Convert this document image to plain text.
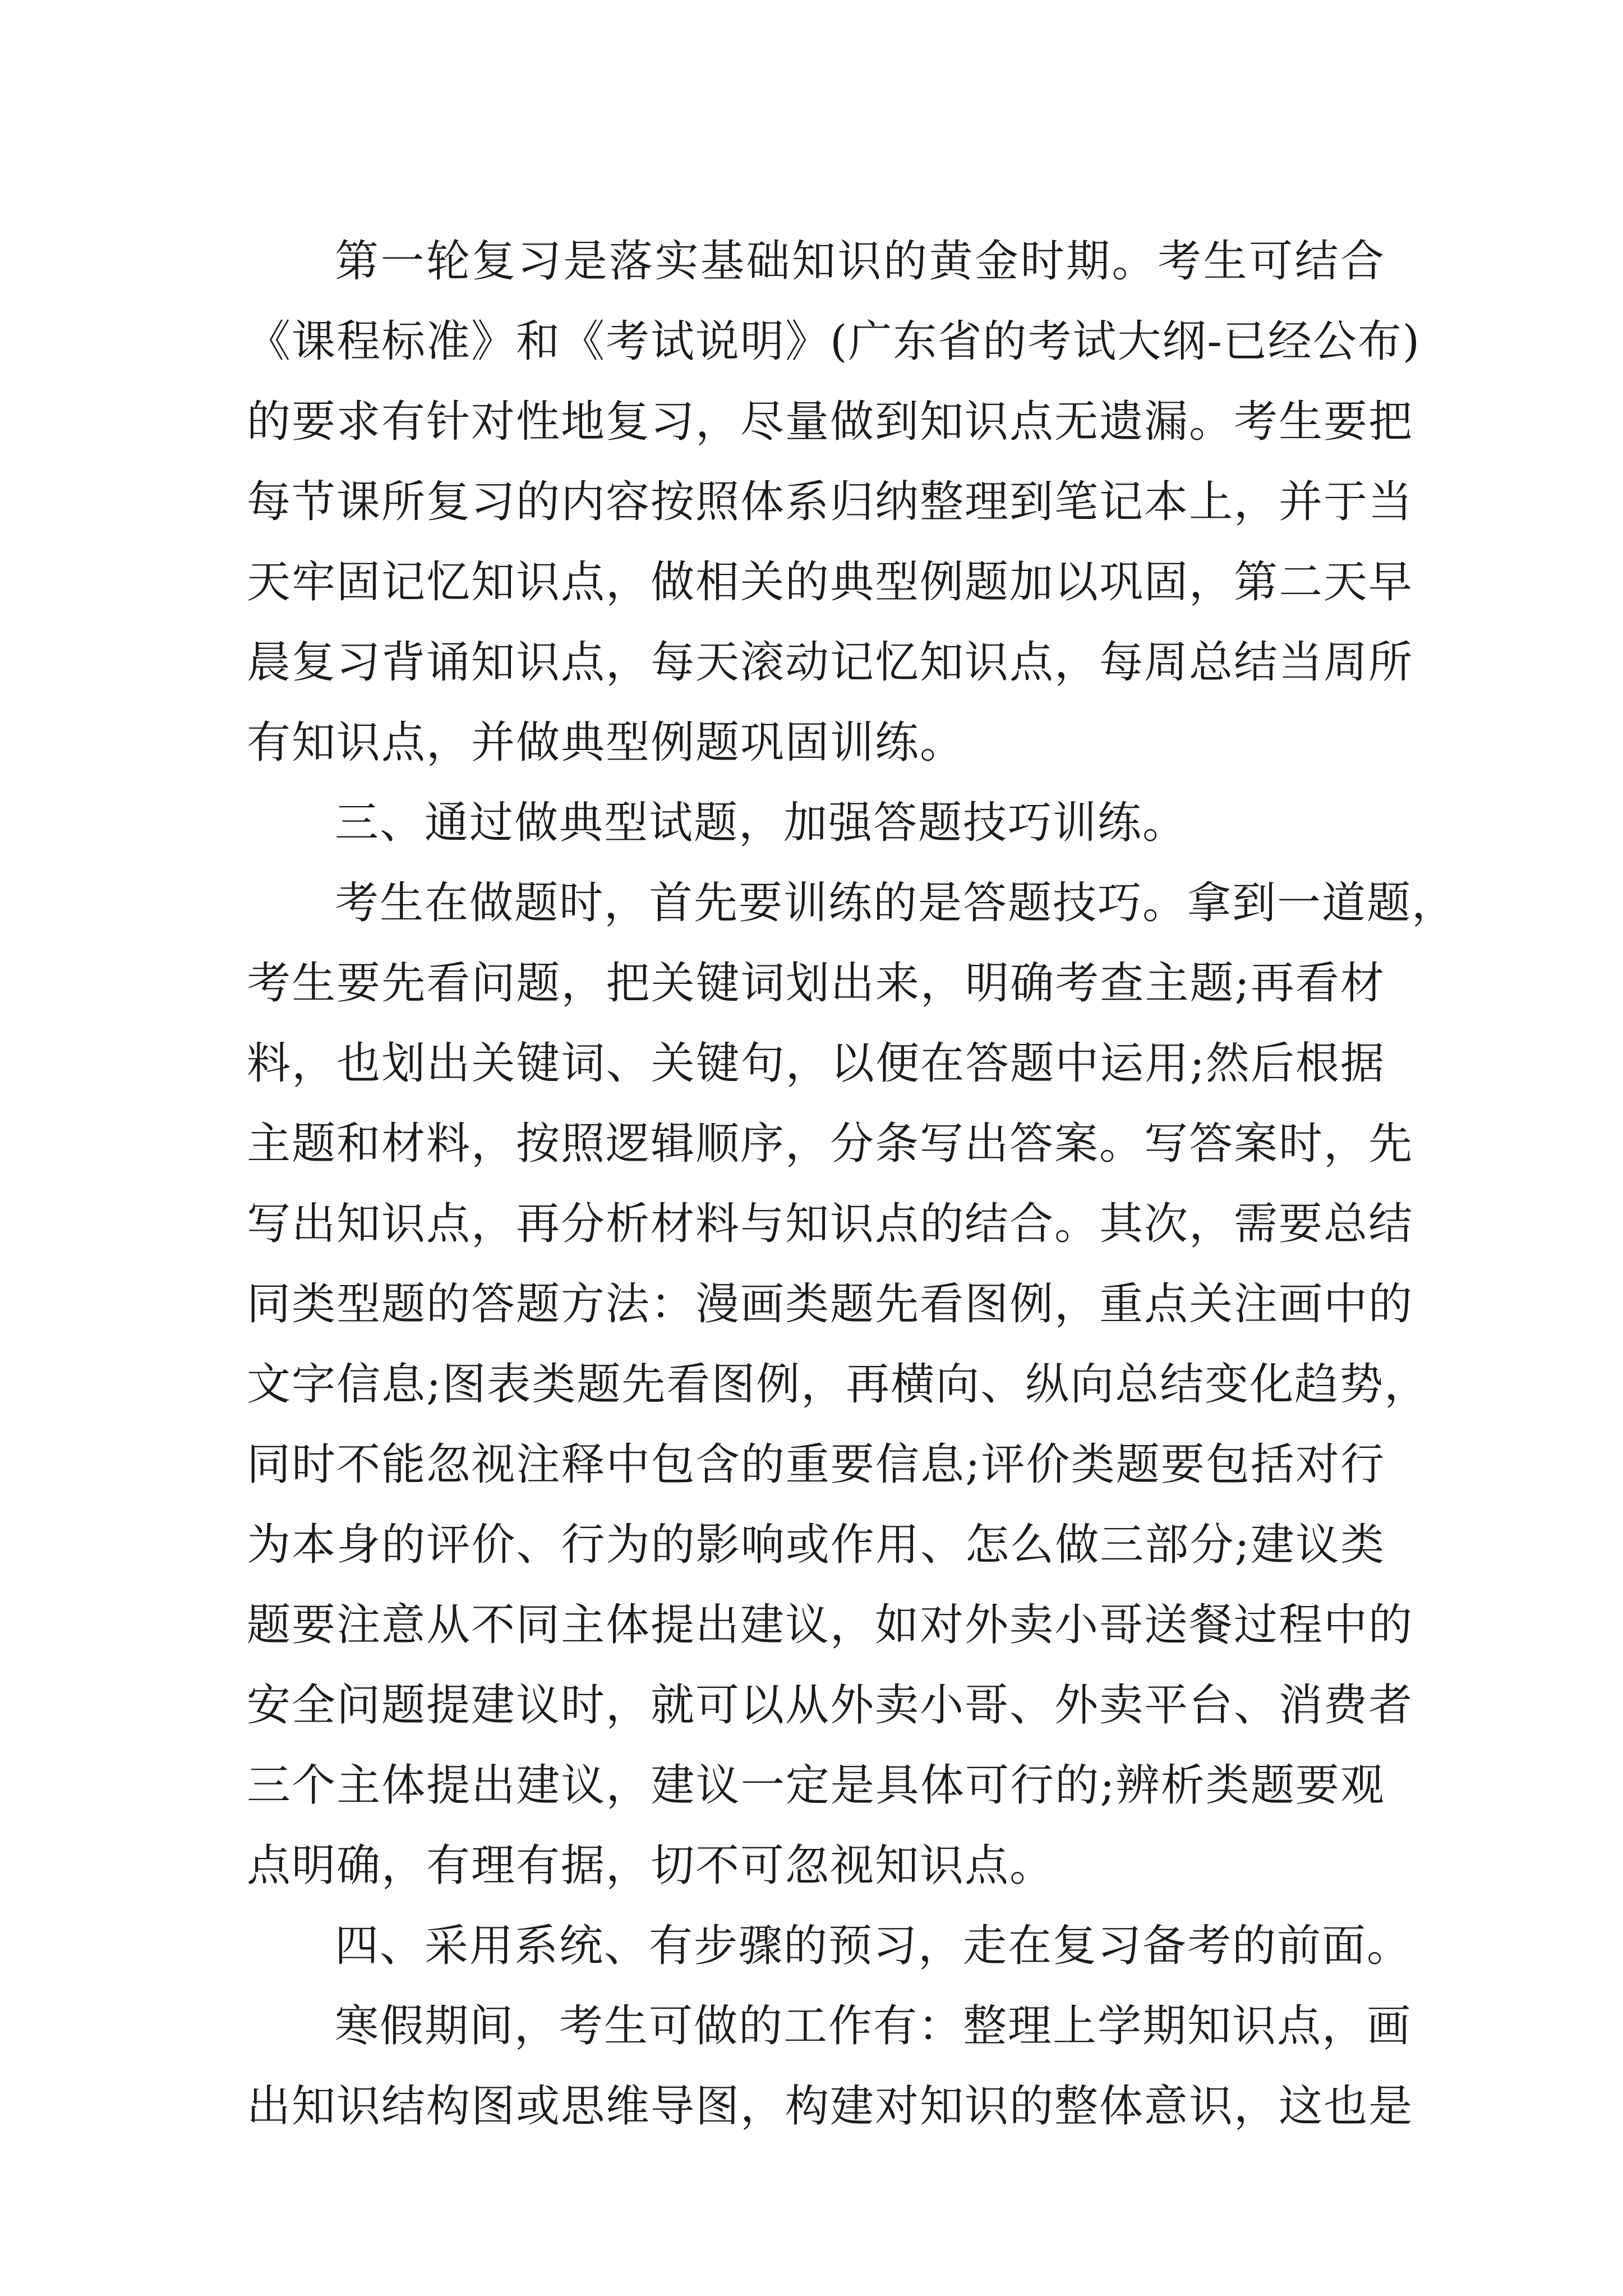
第一轮复习是落实基础知识的黄金时期。考生可结合
《课程标准》和《考试说明》(广东省的考试大纲-已经公布)
的要求有针对性地复习，尽量做到知识点无遗漏。考生要把
每节课所复习的内容按照体系归纳整理到笔记本上，并于当
天牢固记忆知识点，做相关的典型例题加以巩固，第二天早
晨复习背诵知识点，每天滚动记忆知识点，每周总结当周所
有知识点，并做典型例题巩固训练。
三、通过做典型试题，加强答题技巧训练。
考生在做题时，首先要训练的是答题技巧。拿到一道题，
考生要先看问题，把关键词划出来，明确考查主题;再看材
料，也划出关键词、关键句，以便在答题中运用;然后根据
主题和材料，按照逻辑顺序，分条写出答案。写答案时，先
写出知识点，再分析材料与知识点的结合。其次，需要总结
同类型题的答题方法：漫画类题先看图例，重点关注画中的
文字信息;图表类题先看图例，再横向、纵向总结变化趋势，
同时不能忽视注释中包含的重要信息;评价类题要包括对行
为本身的评价、行为的影响或作用、怎么做三部分;建议类
题要注意从不同主体提出建议，如对外卖小哥送餐过程中的
安全问题提建议时，就可以从外卖小哥、外卖平台、消费者
三个主体提出建议，建议一定是具体可行的;辨析类题要观
点明确，有理有据，切不可忽视知识点。
四、采用系统、有步骤的预习，走在复习备考的前面。
寒假期间，考生可做的工作有：整理上学期知识点，画
出知识结构图或思维导图，构建对知识的整体意识，这也是
